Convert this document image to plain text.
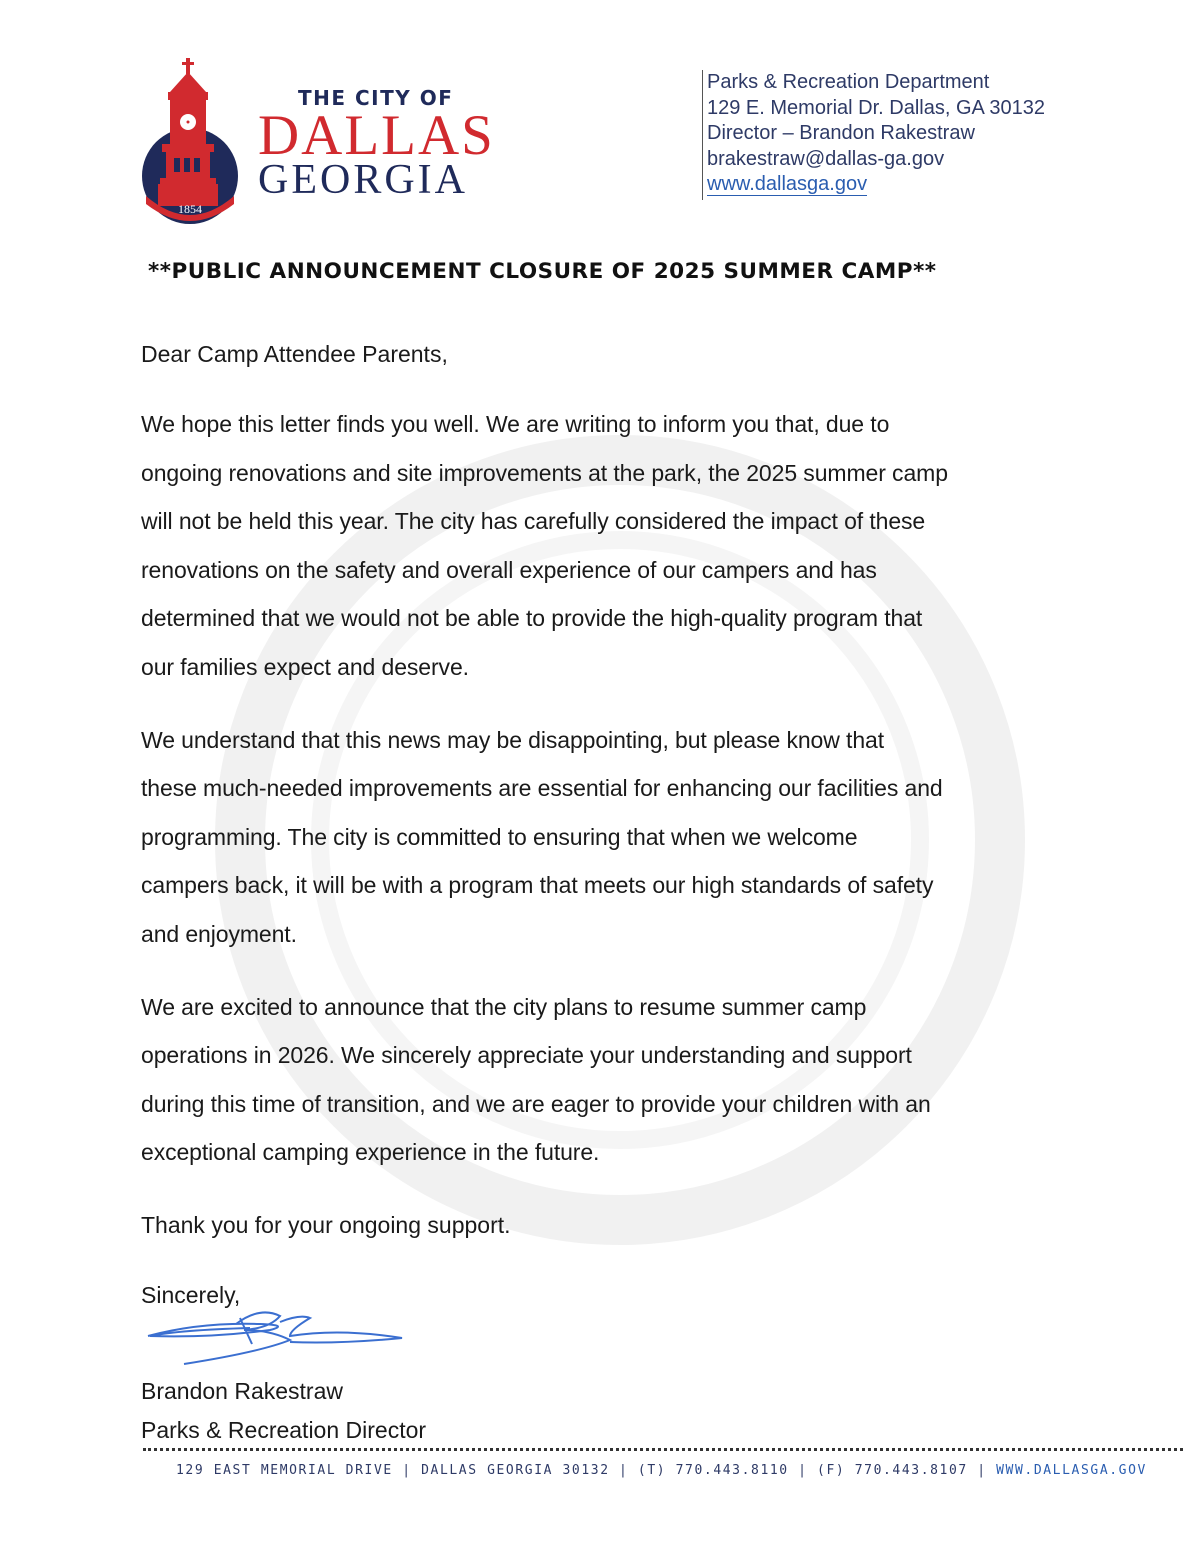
1854
THE CITY OF
DALLAS
GEORGIA
Parks & Recreation Department
129 E. Memorial Dr. Dallas, GA 30132
Director – Brandon Rakestraw
brakestraw@dallas-ga.gov
www.dallasga.gov
**PUBLIC ANNOUNCEMENT CLOSURE OF 2025 SUMMER CAMP**

Dear Camp Attendee Parents,

We hope this letter finds you well. We are writing to inform you that, due to
ongoing renovations and site improvements at the park, the 2025 summer camp
will not be held this year. The city has carefully considered the impact of these
renovations on the safety and overall experience of our campers and has
determined that we would not be able to provide the high-quality program that
our families expect and deserve.

We understand that this news may be disappointing, but please know that
these much-needed improvements are essential for enhancing our facilities and
programming. The city is committed to ensuring that when we welcome
campers back, it will be with a program that meets our high standards of safety
and enjoyment.

We are excited to announce that the city plans to resume summer camp
operations in 2026. We sincerely appreciate your understanding and support
during this time of transition, and we are eager to provide your children with an
exceptional camping experience in the future.

Thank you for your ongoing support.

Sincerely,

Brandon Rakestraw
Parks & Recreation Director
129 EAST MEMORIAL DRIVE | DALLAS GEORGIA 30132 | (T) 770.443.8110 | (F) 770.443.8107 | WWW.DALLASGA.GOV
